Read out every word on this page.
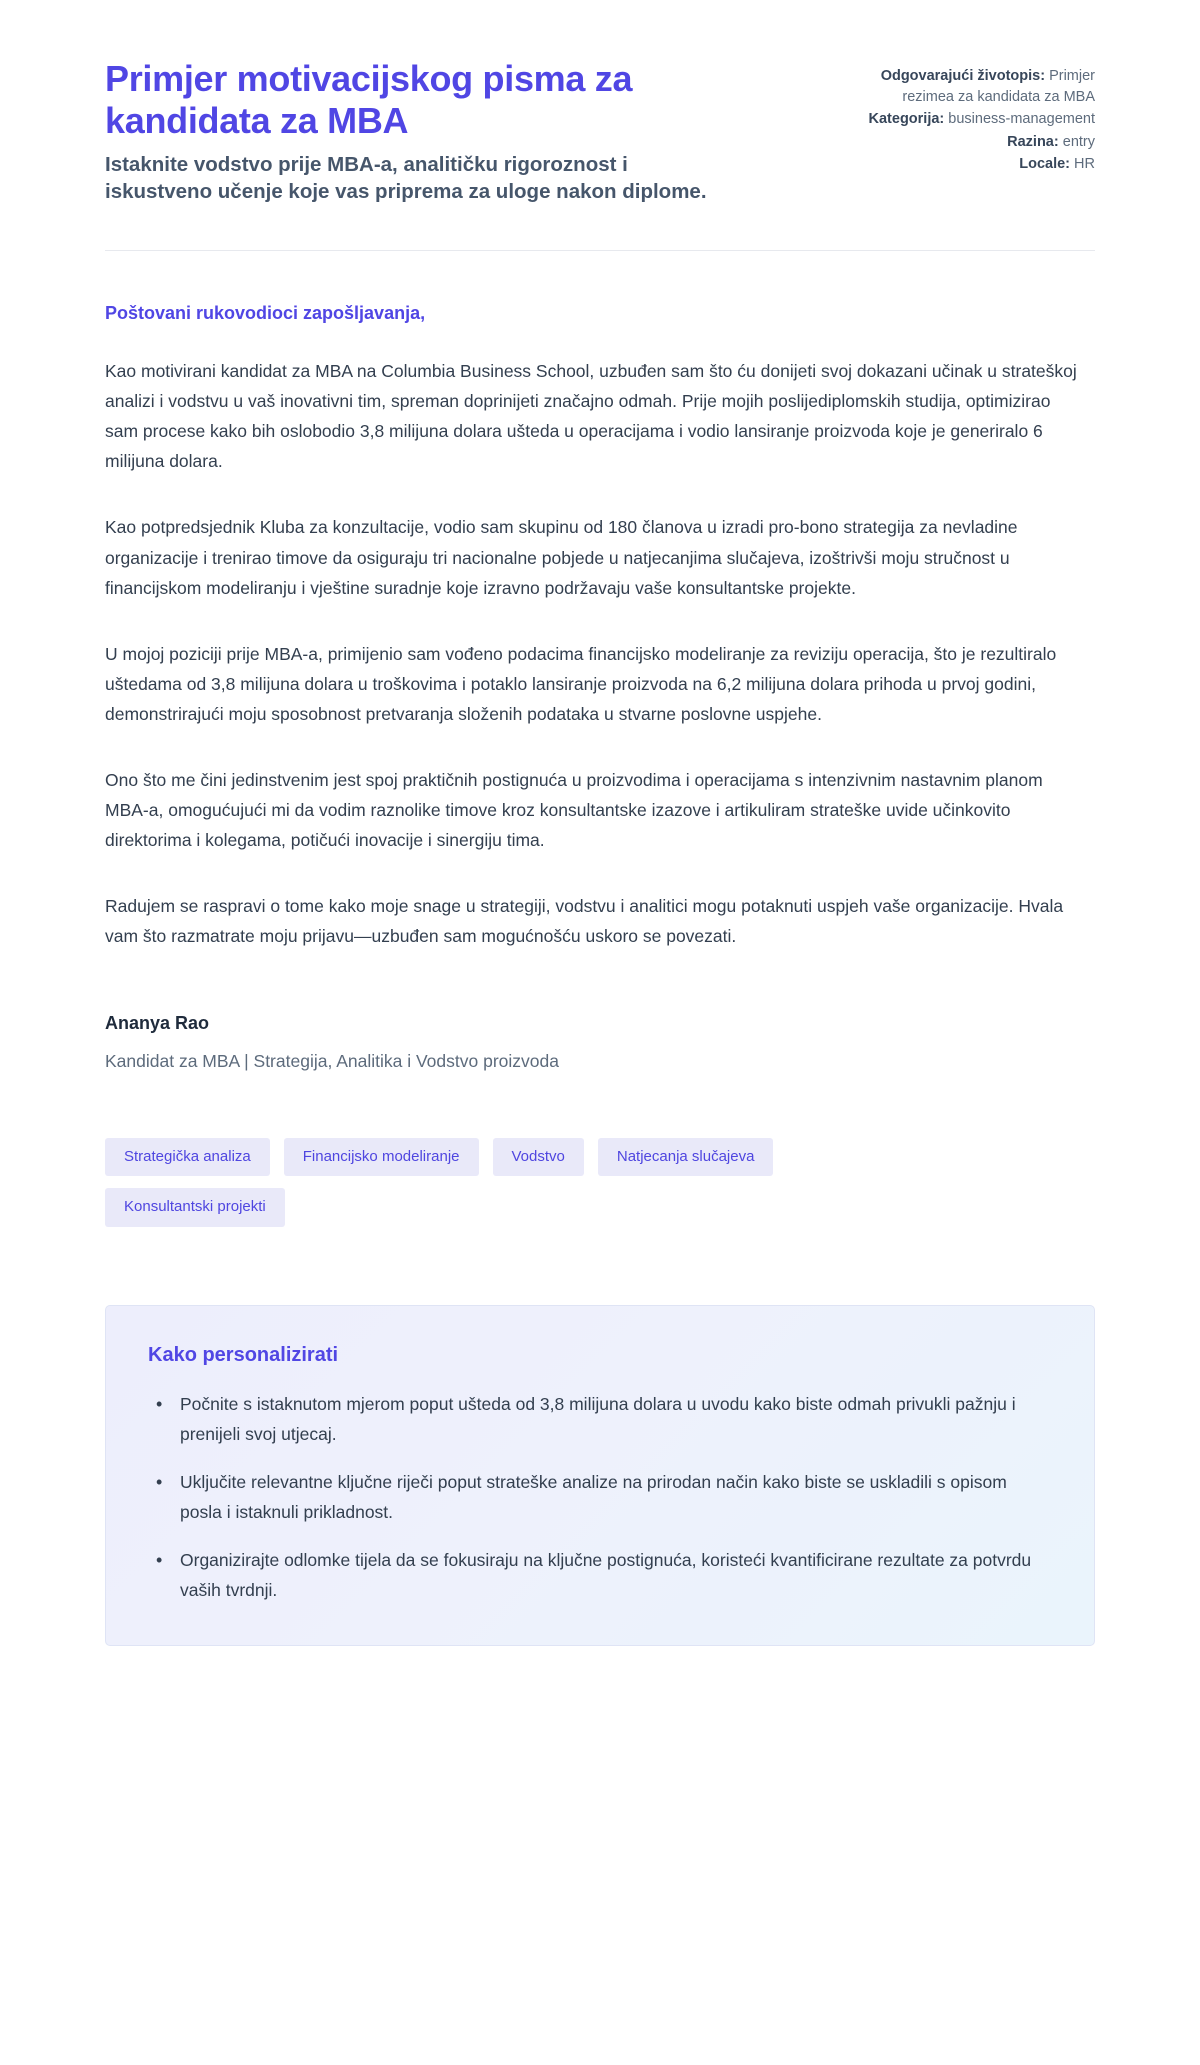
Primjer motivacijskog pisma za kandidata za MBA

Istaknite vodstvo prije MBA-a, analitičku rigoroznost i iskustveno učenje koje vas priprema za uloge nakon diplome.

Odgovarajući životopis: Primjer rezimea za kandidata za MBA
Kategorija: business-management
Razina: entry
Locale: HR

Poštovani rukovodioci zapošljavanja,

Kao motivirani kandidat za MBA na Columbia Business School, uzbuđen sam što ću donijeti svoj dokazani učinak u strateškoj analizi i vodstvu u vaš inovativni tim, spreman doprinijeti značajno odmah. Prije mojih poslijediplomskih studija, optimizirao sam procese kako bih oslobodio 3,8 milijuna dolara ušteda u operacijama i vodio lansiranje proizvoda koje je generiralo 6 milijuna dolara.

Kao potpredsjednik Kluba za konzultacije, vodio sam skupinu od 180 članova u izradi pro-bono strategija za nevladine organizacije i trenirao timove da osiguraju tri nacionalne pobjede u natjecanjima slučajeva, izoštrivši moju stručnost u financijskom modeliranju i vještine suradnje koje izravno podržavaju vaše konsultantske projekte.

U mojoj poziciji prije MBA-a, primijenio sam vođeno podacima financijsko modeliranje za reviziju operacija, što je rezultiralo uštedama od 3,8 milijuna dolara u troškovima i potaklo lansiranje proizvoda na 6,2 milijuna dolara prihoda u prvoj godini, demonstrirajući moju sposobnost pretvaranja složenih podataka u stvarne poslovne uspjehe.

Ono što me čini jedinstvenim jest spoj praktičnih postignuća u proizvodima i operacijama s intenzivnim nastavnim planom MBA-a, omogućujući mi da vodim raznolike timove kroz konsultantske izazove i artikuliram strateške uvide učinkovito direktorima i kolegama, potičući inovacije i sinergiju tima.

Radujem se raspravi o tome kako moje snage u strategiji, vodstvu i analitici mogu potaknuti uspjeh vaše organizacije. Hvala vam što razmatrate moju prijavu—uzbuđen sam mogućnošću uskoro se povezati.

Ananya Rao

Kandidat za MBA | Strategija, Analitika i Vodstvo proizvoda

Strategička analiza	Financijsko modeliranje	Vodstvo	Natjecanja slučajeva
Konsultantski projekti
Kako personalizirati
• Počnite s istaknutom mjerom poput ušteda od 3,8 milijuna dolara u uvodu kako biste odmah privukli pažnju i prenijeli svoj utjecaj.
• Uključite relevantne ključne riječi poput strateške analize na prirodan način kako biste se uskladili s opisom posla i istaknuli prikladnost.
• Organizirajte odlomke tijela da se fokusiraju na ključne postignuća, koristeći kvantificirane rezultate za potvrdu vaših tvrdnji.
